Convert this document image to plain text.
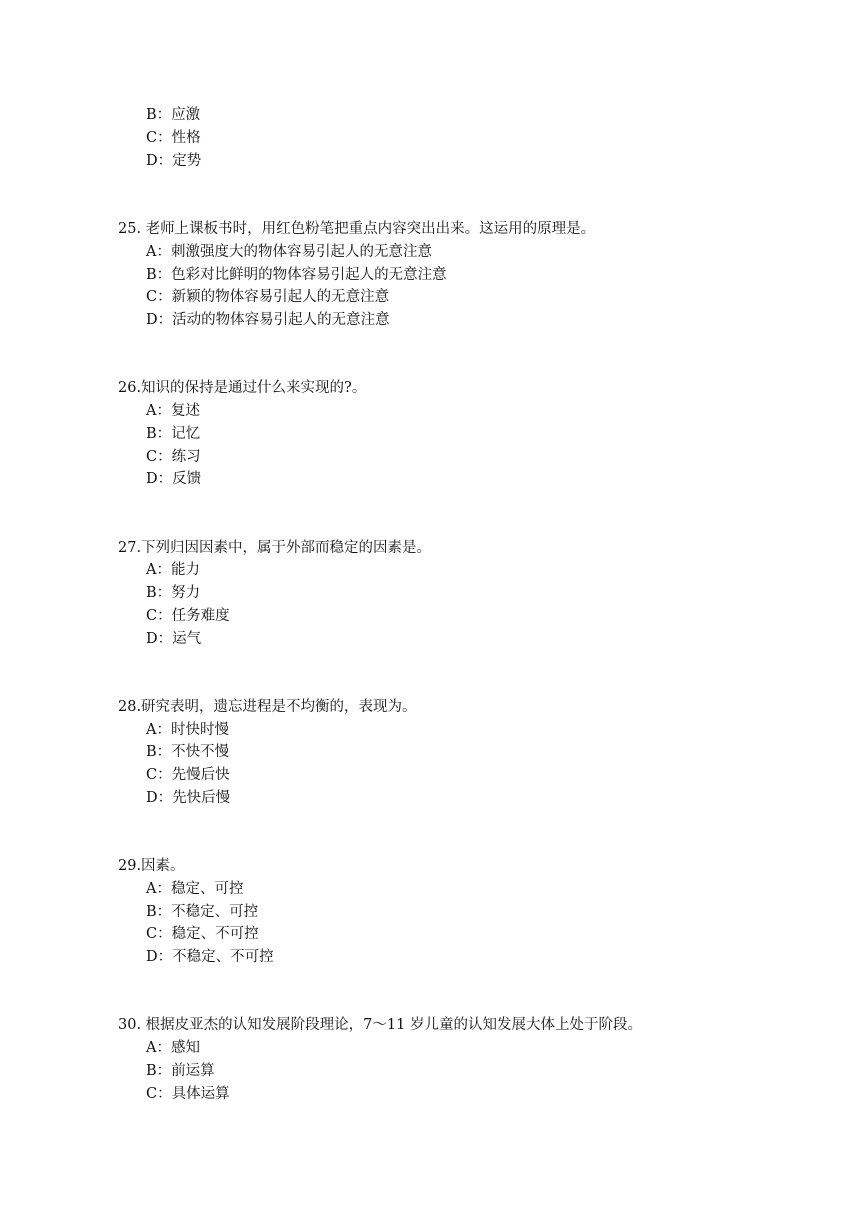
B：应激
C：性格
D：定势
25. 老师上课板书时，用红色粉笔把重点内容突出出来。这运用的原理是。
A：刺激强度大的物体容易引起人的无意注意
B：色彩对比鲜明的物体容易引起人的无意注意
C：新颖的物体容易引起人的无意注意
D：活动的物体容易引起人的无意注意
26.知识的保持是通过什么来实现的?。
A：复述
B：记忆
C：练习
D：反馈
27.下列归因因素中，属于外部而稳定的因素是。
A：能力
B：努力
C：任务难度
D：运气
28.研究表明，遗忘进程是不均衡的，表现为。
A：时快时慢
B：不快不慢
C：先慢后快
D：先快后慢
29.因素。
A：稳定、可控
B：不稳定、可控
C：稳定、不可控
D：不稳定、不可控
30. 根据皮亚杰的认知发展阶段理论，7～11 岁儿童的认知发展大体上处于阶段。
A：感知
B：前运算
C：具体运算
